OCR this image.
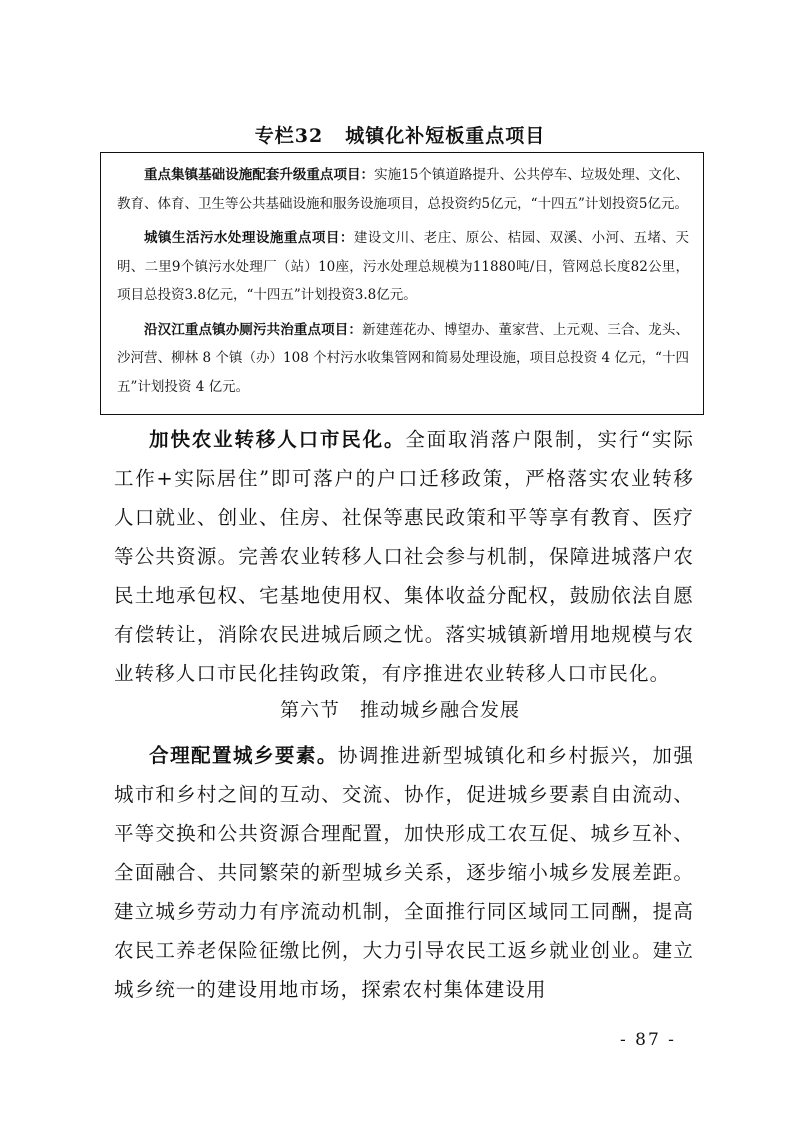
专栏32 城镇化补短板重点项目

重点集镇基础设施配套升级重点项目：实施15个镇道路提升、公共停车、垃圾处理、文化、教育、体育、卫生等公共基础设施和服务设施项目，总投资约5亿元，“十四五”计划投资5亿元。

城镇生活污水处理设施重点项目：建设文川、老庄、原公、桔园、双溪、小河、五堵、天明、二里9个镇污水处理厂（站）10座，污水处理总规模为11880吨/日，管网总长度82公里，项目总投资3.8亿元，“十四五”计划投资3.8亿元。

沿汉江重点镇办厕污共治重点项目：新建莲花办、博望办、董家营、上元观、三合、龙头、沙河营、柳林 8 个镇（办）108 个村污水收集管网和简易处理设施，项目总投资 4 亿元，“十四五”计划投资 4 亿元。

加快农业转移人口市民化。全面取消落户限制，实行“实际工作+实际居住”即可落户的户口迁移政策，严格落实农业转移人口就业、创业、住房、社保等惠民政策和平等享有教育、医疗等公共资源。完善农业转移人口社会参与机制，保障进城落户农民土地承包权、宅基地使用权、集体收益分配权，鼓励依法自愿有偿转让，消除农民进城后顾之忧。落实城镇新增用地规模与农业转移人口市民化挂钩政策，有序推进农业转移人口市民化。

第六节 推动城乡融合发展

合理配置城乡要素。协调推进新型城镇化和乡村振兴，加强城市和乡村之间的互动、交流、协作，促进城乡要素自由流动、平等交换和公共资源合理配置，加快形成工农互促、城乡互补、全面融合、共同繁荣的新型城乡关系，逐步缩小城乡发展差距。建立城乡劳动力有序流动机制，全面推行同区域同工同酬，提高农民工养老保险征缴比例，大力引导农民工返乡就业创业。建立城乡统一的建设用地市场，探索农村集体建设用

- 87 -
